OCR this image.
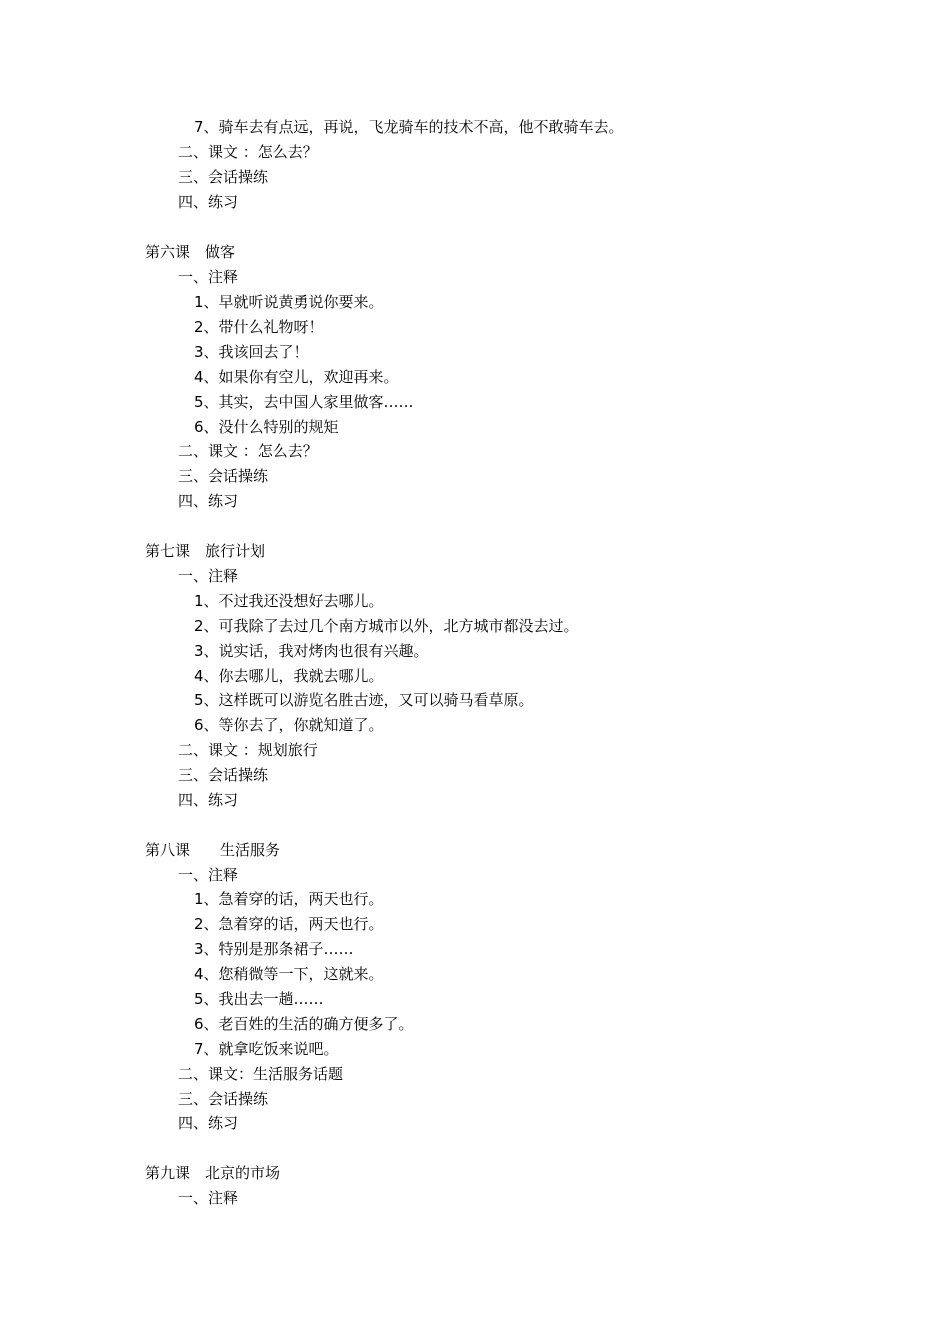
7、骑车去有点远，再说，飞龙骑车的技术不高，他不敢骑车去。
二、课文 ：怎么去？
三、会话操练
四、练习
第六课　做客
一、注释
1、早就听说黄勇说你要来。
2、带什么礼物呀！
3、我该回去了！
4、如果你有空儿，欢迎再来。
5、其实，去中国人家里做客……
6、没什么特别的规矩
二、课文 ：怎么去？
三、会话操练
四、练习
第七课　旅行计划
一、注释
1、不过我还没想好去哪儿。
2、可我除了去过几个南方城市以外，北方城市都没去过。
3、说实话，我对烤肉也很有兴趣。
4、你去哪儿，我就去哪儿。
5、这样既可以游览名胜古迹，又可以骑马看草原。
6、等你去了，你就知道了。
二、课文 ：规划旅行
三、会话操练
四、练习
第八课　　生活服务
一、注释
1、急着穿的话，两天也行。
2、急着穿的话，两天也行。
3、特别是那条裙子……
4、您稍微等一下，这就来。
5、我出去一趟……
6、老百姓的生活的确方便多了。
7、就拿吃饭来说吧。
二、课文：生活服务话题
三、会话操练
四、练习
第九课　北京的市场
一、注释
